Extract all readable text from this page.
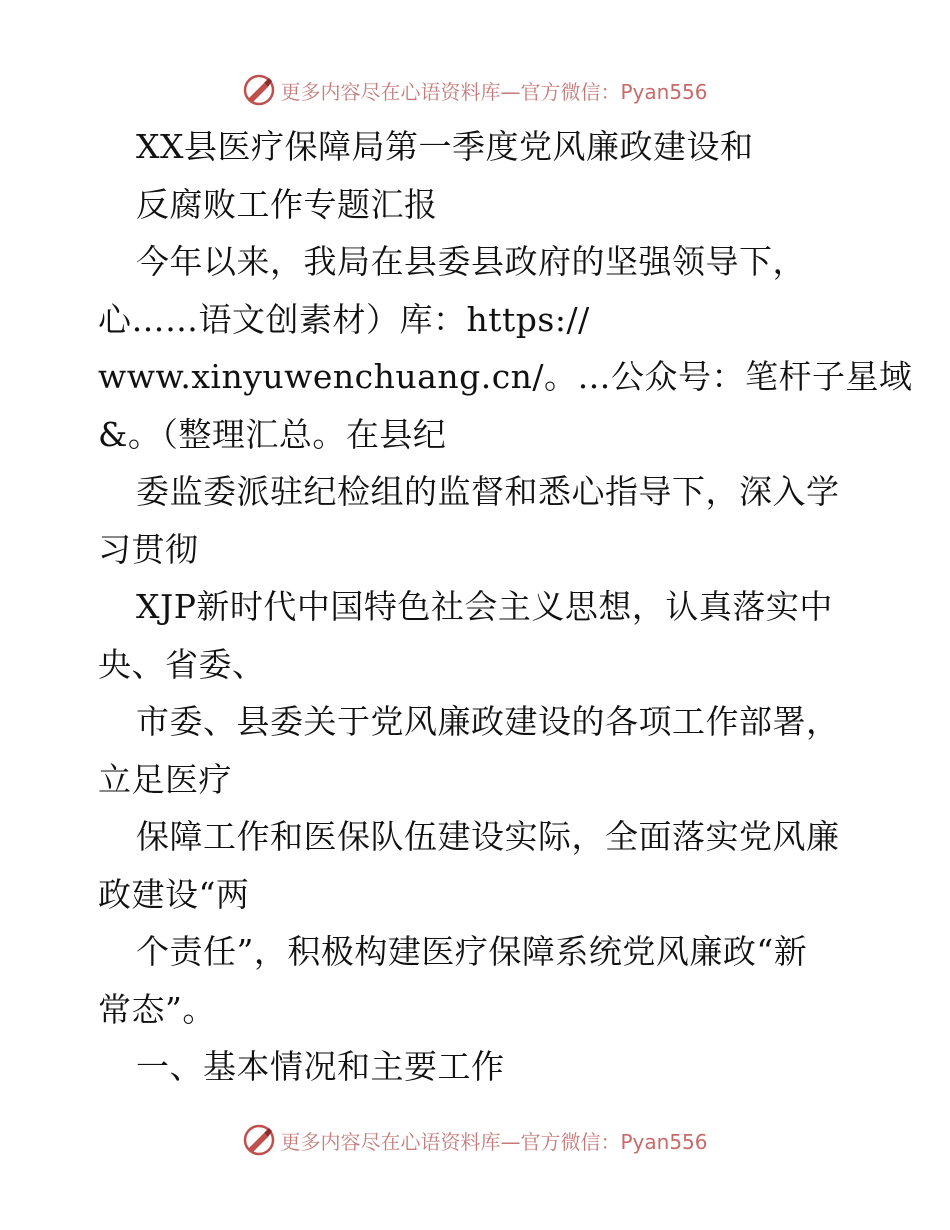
更多内容尽在心语资料库—官方微信：Pyan556
XX县医疗保障局第一季度党风廉政建设和
反腐败工作专题汇报
今年以来，我局在县委县政府的坚强领导下，
心……语文创素材）库：https://
www.xinyuwenchuang.cn/。…公众号：笔杆子星域
&。（整理汇总。在县纪
委监委派驻纪检组的监督和悉心指导下，深入学
习贯彻
XJP新时代中国特色社会主义思想，认真落实中
央、省委、
市委、县委关于党风廉政建设的各项工作部署，
立足医疗
保障工作和医保队伍建设实际，全面落实党风廉
政建设“两
个责任”，积极构建医疗保障系统党风廉政“新
常态”。
一、基本情况和主要工作
更多内容尽在心语资料库—官方微信：Pyan556
